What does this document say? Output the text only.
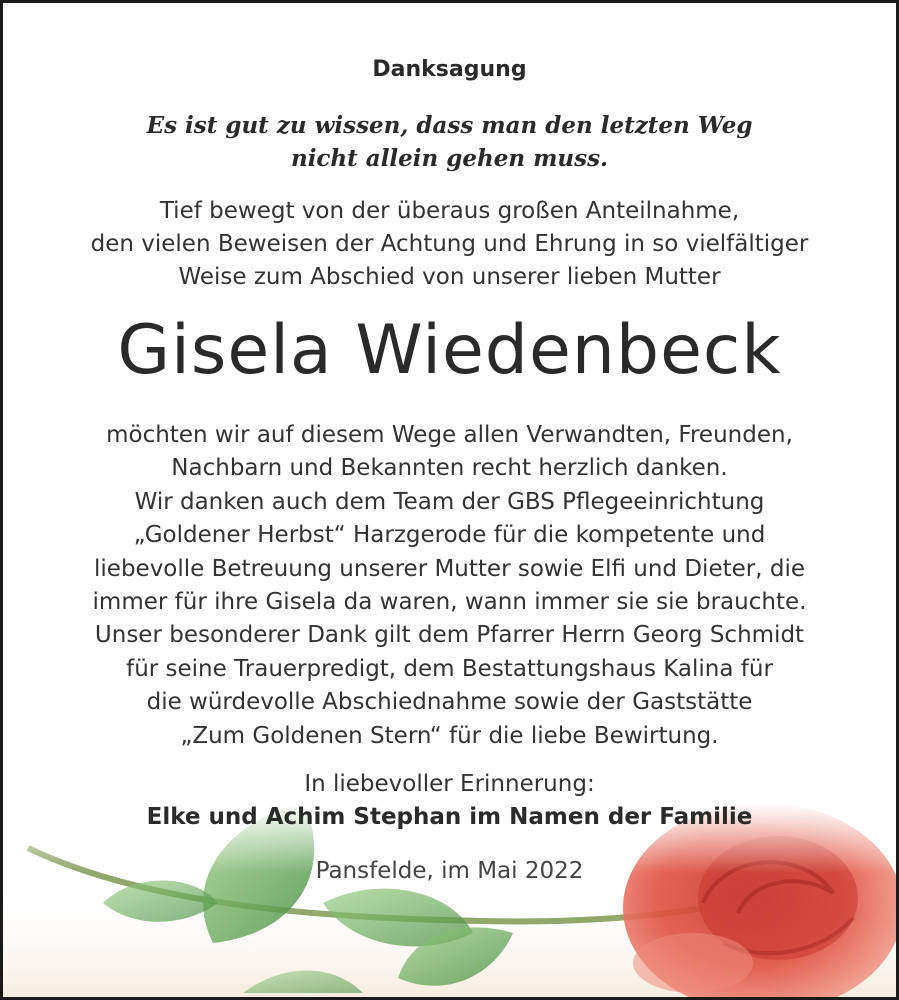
Danksagung
Es ist gut zu wissen, dass man den letzten Weg
nicht allein gehen muss.
Tief bewegt von der überaus großen Anteilnahme,
den vielen Beweisen der Achtung und Ehrung in so vielfältiger
Weise zum Abschied von unserer lieben Mutter
Gisela Wiedenbeck
möchten wir auf diesem Wege allen Verwandten, Freunden,
Nachbarn und Bekannten recht herzlich danken.
Wir danken auch dem Team der GBS Pflegeeinrichtung
„Goldener Herbst“ Harzgerode für die kompetente und
liebevolle Betreuung unserer Mutter sowie Elfi und Dieter, die
immer für ihre Gisela da waren, wann immer sie sie brauchte.
Unser besonderer Dank gilt dem Pfarrer Herrn Georg Schmidt
für seine Trauerpredigt, dem Bestattungshaus Kalina für
die würdevolle Abschiednahme sowie der Gaststätte
„Zum Goldenen Stern“ für die liebe Bewirtung.
In liebevoller Erinnerung:
Elke und Achim Stephan im Namen der Familie
Pansfelde, im Mai 2022
